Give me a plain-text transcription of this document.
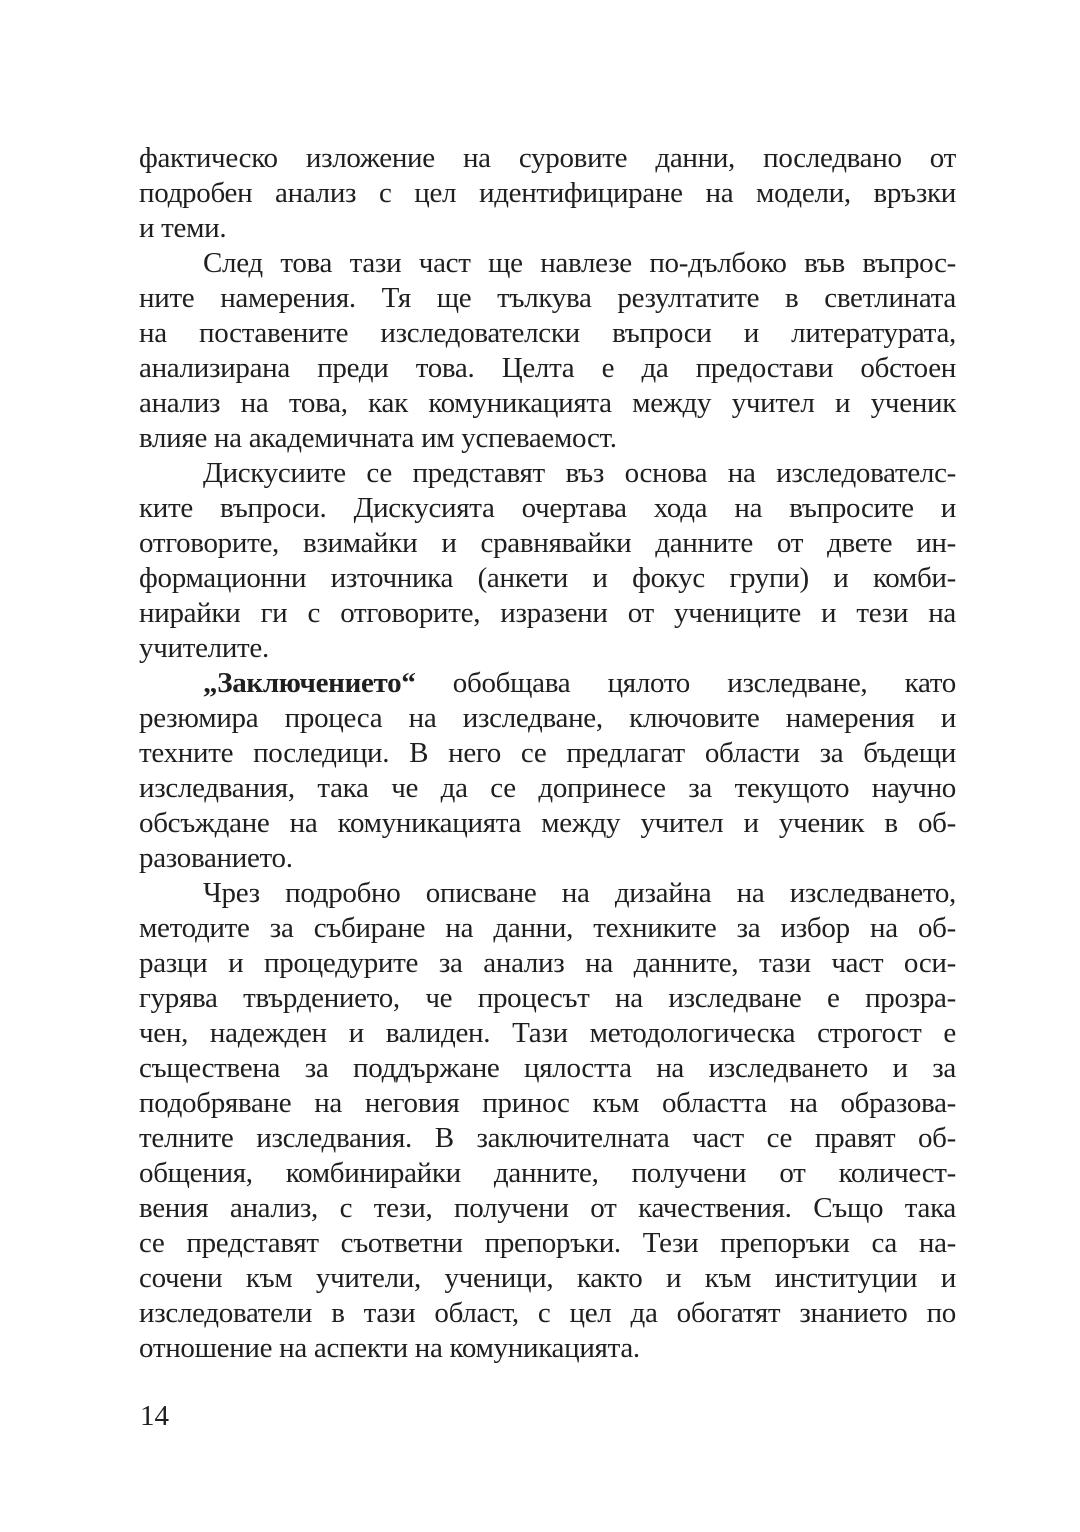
фактическо изложение на суровите данни, последвано от
подробен анализ с цел идентифициране на модели, връзки
и теми.
След това тази част ще навлезе по-дълбоко във въпрос-
ните намерения. Тя ще тълкува резултатите в светлината
на поставените изследователски въпроси и литературата,
анализирана преди това. Целта е да предостави обстоен
анализ на това, как комуникацията между учител и ученик
влияе на академичната им успеваемост.
Дискусиите се представят въз основа на изследователс-
ките въпроси. Дискусията очертава хода на въпросите и
отговорите, взимайки и сравнявайки данните от двете ин-
формационни източника (анкети и фокус групи) и комби-
нирайки ги с отговорите, изразени от учениците и тези на
учителите.
„Заключението“ обобщава цялото изследване, като
резюмира процеса на изследване, ключовите намерения и
техните последици. В него се предлагат области за бъдещи
изследвания, така че да се допринесе за текущото научно
обсъждане на комуникацията между учител и ученик в об-
разованието.
Чрез подробно описване на дизайна на изследването,
методите за събиране на данни, техниките за избор на об-
разци и процедурите за анализ на данните, тази част оси-
гурява твърдението, че процесът на изследване е прозра-
чен, надежден и валиден. Тази методологическа строгост е
съществена за поддържане цялостта на изследването и за
подобряване на неговия принос към областта на образова-
телните изследвания. В заключителната част се правят об-
общения, комбинирайки данните, получени от количест-
вения анализ, с тези, получени от качествения. Също така
се представят съответни препоръки. Тези препоръки са на-
сочени към учители, ученици, както и към институции и
изследователи в тази област, с цел да обогатят знанието по
отношение на аспекти на комуникацията.
14
